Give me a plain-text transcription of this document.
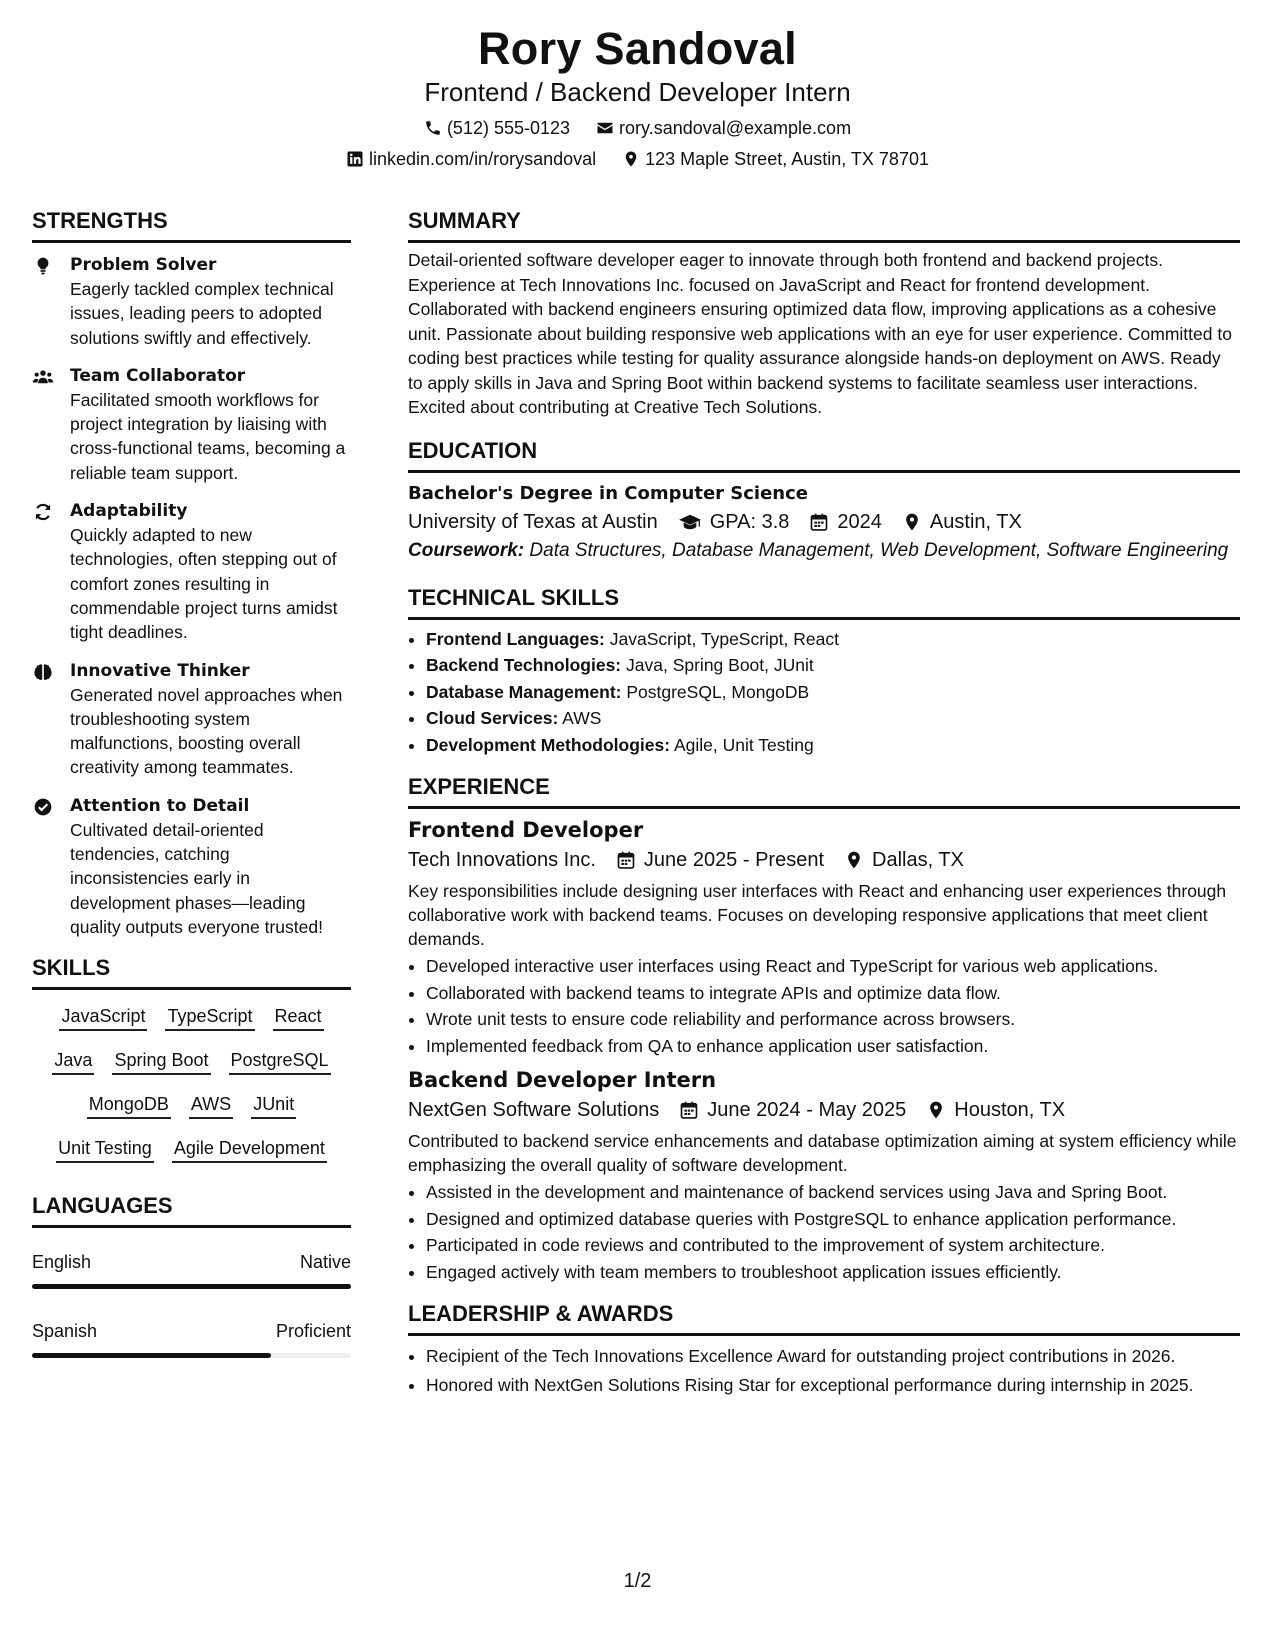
Rory Sandoval
Frontend / Backend Developer Intern
(512) 555-0123	rory.sandoval@example.com
linkedin.com/in/rorysandoval	123 Maple Street, Austin, TX 78701
STRENGTHS
Problem Solver
Eagerly tackled complex technical issues, leading peers to adopted solutions swiftly and effectively.
Team Collaborator
Facilitated smooth workflows for project integration by liaising with cross-functional teams, becoming a reliable team support.
Adaptability
Quickly adapted to new technologies, often stepping out of comfort zones resulting in commendable project turns amidst tight deadlines.
Innovative Thinker
Generated novel approaches when troubleshooting system malfunctions, boosting overall creativity among teammates.
Attention to Detail
Cultivated detail-oriented tendencies, catching inconsistencies early in development phases—leading quality outputs everyone trusted!
SKILLS
JavaScript TypeScript React
Java Spring Boot PostgreSQL
MongoDB AWS JUnit
Unit Testing Agile Development
LANGUAGES
English	Native
Spanish	Proficient
SUMMARY
Detail-oriented software developer eager to innovate through both frontend and backend projects. Experience at Tech Innovations Inc. focused on JavaScript and React for frontend development. Collaborated with backend engineers ensuring optimized data flow, improving applications as a cohesive unit. Passionate about building responsive web applications with an eye for user experience. Committed to coding best practices while testing for quality assurance alongside hands-on deployment on AWS. Ready to apply skills in Java and Spring Boot within backend systems to facilitate seamless user interactions. Excited about contributing at Creative Tech Solutions.
EDUCATION
Bachelor's Degree in Computer Science
University of Texas at Austin	GPA: 3.8 2024 Austin, TX
Coursework: Data Structures, Database Management, Web Development, Software Engineering
TECHNICAL SKILLS
• Frontend Languages: JavaScript, TypeScript, React
• Backend Technologies: Java, Spring Boot, JUnit
• Database Management: PostgreSQL, MongoDB
• Cloud Services: AWS
• Development Methodologies: Agile, Unit Testing
EXPERIENCE
Frontend Developer
Tech Innovations Inc. June 2025 - Present Dallas, TX
Key responsibilities include designing user interfaces with React and enhancing user experiences through collaborative work with backend teams. Focuses on developing responsive applications that meet client demands.
• Developed interactive user interfaces using React and TypeScript for various web applications.
• Collaborated with backend teams to integrate APIs and optimize data flow.
• Wrote unit tests to ensure code reliability and performance across browsers.
• Implemented feedback from QA to enhance application user satisfaction.
Backend Developer Intern
NextGen Software Solutions June 2024 - May 2025 Houston, TX
Contributed to backend service enhancements and database optimization aiming at system efficiency while emphasizing the overall quality of software development.
• Assisted in the development and maintenance of backend services using Java and Spring Boot.
• Designed and optimized database queries with PostgreSQL to enhance application performance.
• Participated in code reviews and contributed to the improvement of system architecture.
• Engaged actively with team members to troubleshoot application issues efficiently.
LEADERSHIP & AWARDS
• Recipient of the Tech Innovations Excellence Award for outstanding project contributions in 2026.
• Honored with NextGen Solutions Rising Star for exceptional performance during internship in 2025.
1/2
